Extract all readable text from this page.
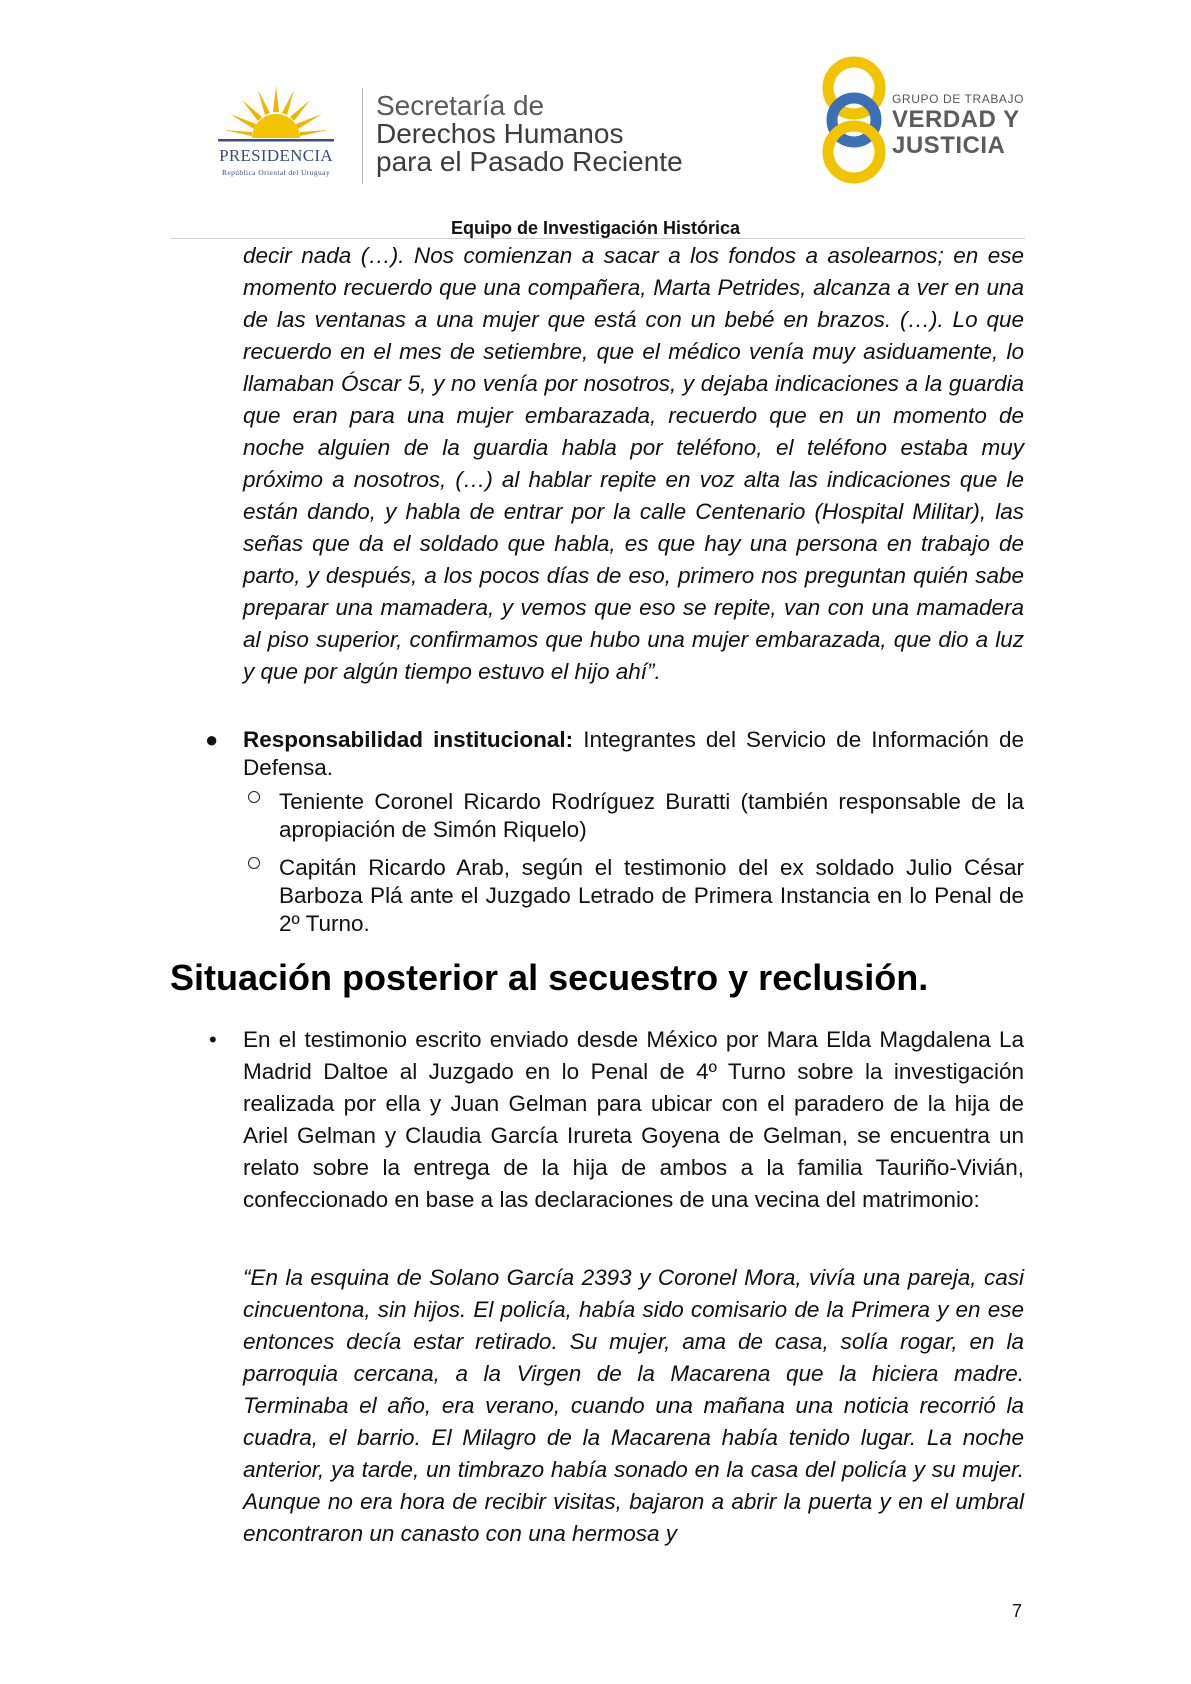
PRESIDENCIA
República Oriental del Uruguay
Secretaría de
Derechos Humanos
para el Pasado Reciente
GRUPO DE TRABAJO
VERDAD Y
JUSTICIA
Equipo de Investigación Histórica
decir nada (…). Nos comienzan a sacar a los fondos a asolearnos; en ese momento recuerdo que una compañera, Marta Petrides, alcanza a ver en una de las ventanas a una mujer que está con un bebé en brazos. (…). Lo que recuerdo en el mes de setiembre, que el médico venía muy asiduamente, lo llamaban Óscar 5, y no venía por nosotros, y dejaba indicaciones a la guardia que eran para una mujer embarazada, recuerdo que en un momento de noche alguien de la guardia habla por teléfono, el teléfono estaba muy próximo a nosotros, (…) al hablar repite en voz alta las indicaciones que le están dando, y habla de entrar por la calle Centenario (Hospital Militar), las señas que da el soldado que habla, es que hay una persona en trabajo de parto, y después, a los pocos días de eso, primero nos preguntan quién sabe preparar una mamadera, y vemos que eso se repite, van con una mamadera al piso superior, confirmamos que hubo una mujer embarazada, que dio a luz y que por algún tiempo estuvo el hijo ahí”.
● Responsabilidad institucional: Integrantes del Servicio de Información de Defensa.
Teniente Coronel Ricardo Rodríguez Buratti (también responsable de la apropiación de Simón Riquelo)
Capitán Ricardo Arab, según el testimonio del ex soldado Julio César Barboza Plá ante el Juzgado Letrado de Primera Instancia en lo Penal de 2º Turno.
Situación posterior al secuestro y reclusión.
• En el testimonio escrito enviado desde México por Mara Elda Magdalena La Madrid Daltoe al Juzgado en lo Penal de 4º Turno sobre la investigación realizada por ella y Juan Gelman para ubicar con el paradero de la hija de Ariel Gelman y Claudia García Irureta Goyena de Gelman, se encuentra un relato sobre la entrega de la hija de ambos a la familia Tauriño-Vivián, confeccionado en base a las declaraciones de una vecina del matrimonio:
“En la esquina de Solano García 2393 y Coronel Mora, vivía una pareja, casi cincuentona, sin hijos. El policía, había sido comisario de la Primera y en ese entonces decía estar retirado. Su mujer, ama de casa, solía rogar, en la parroquia cercana, a la Virgen de la Macarena que la hiciera madre. Terminaba el año, era verano, cuando una mañana una noticia recorrió la cuadra, el barrio. El Milagro de la Macarena había tenido lugar. La noche anterior, ya tarde, un timbrazo había sonado en la casa del policía y su mujer. Aunque no era hora de recibir visitas, bajaron a abrir la puerta y en el umbral encontraron un canasto con una hermosa y
7
